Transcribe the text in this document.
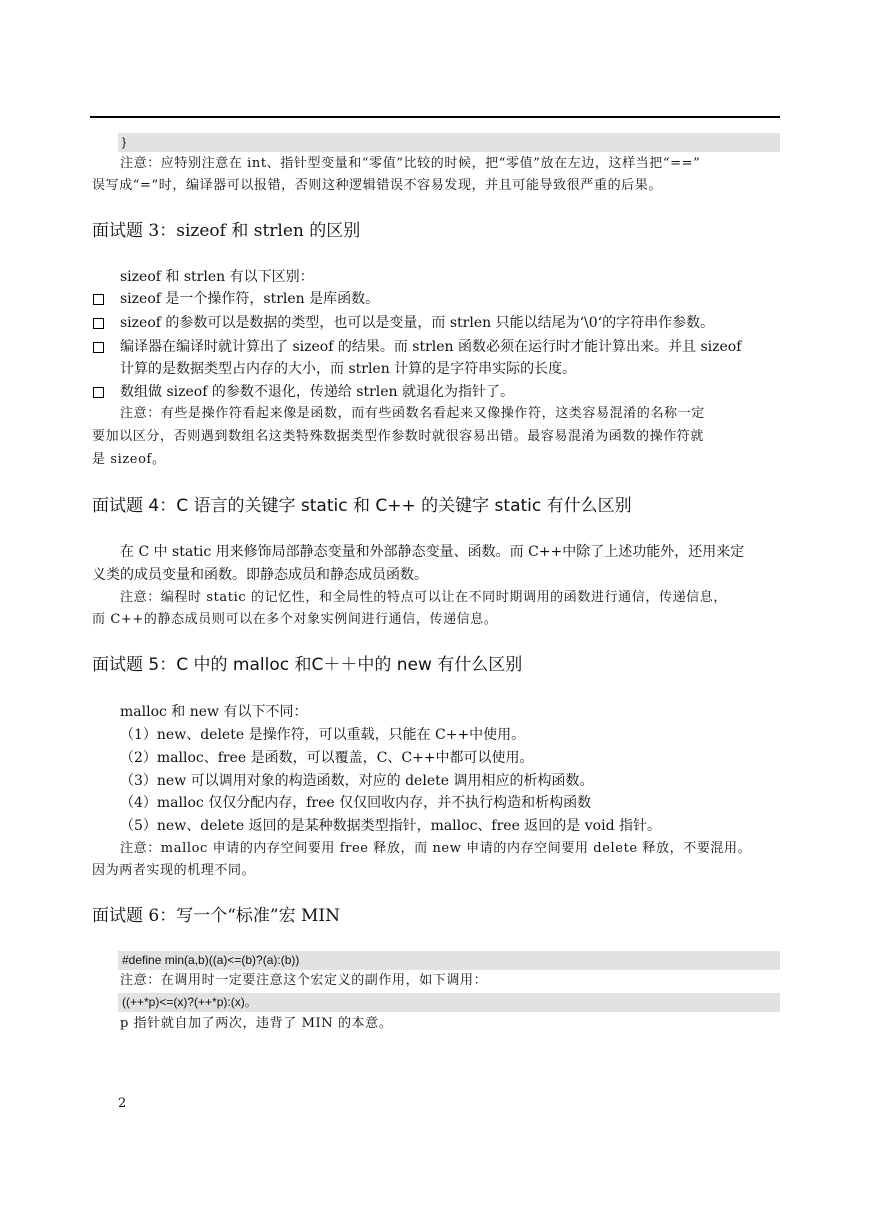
}
注意：应特别注意在 int、指针型变量和“零值”比较的时候，把“零值”放在左边，这样当把“==”
误写成“=”时，编译器可以报错，否则这种逻辑错误不容易发现，并且可能导致很严重的后果。
面试题 3：sizeof 和 strlen 的区别
sizeof 和 strlen 有以下区别：
sizeof 是一个操作符，strlen 是库函数。
sizeof 的参数可以是数据的类型，也可以是变量，而 strlen 只能以结尾为‘\0‘的字符串作参数。
编译器在编译时就计算出了 sizeof 的结果。而 strlen 函数必须在运行时才能计算出来。并且 sizeof
计算的是数据类型占内存的大小，而 strlen 计算的是字符串实际的长度。
数组做 sizeof 的参数不退化，传递给 strlen 就退化为指针了。
注意：有些是操作符看起来像是函数，而有些函数名看起来又像操作符，这类容易混淆的名称一定
要加以区分，否则遇到数组名这类特殊数据类型作参数时就很容易出错。最容易混淆为函数的操作符就
是 sizeof。
面试题 4：C 语言的关键字 static 和 C++ 的关键字 static 有什么区别
在 C 中 static 用来修饰局部静态变量和外部静态变量、函数。而 C++中除了上述功能外，还用来定
义类的成员变量和函数。即静态成员和静态成员函数。
注意：编程时 static 的记忆性，和全局性的特点可以让在不同时期调用的函数进行通信，传递信息，
而 C++的静态成员则可以在多个对象实例间进行通信，传递信息。
面试题 5：C 中的 malloc 和C＋＋中的 new 有什么区别
malloc 和 new 有以下不同：
（1）new、delete 是操作符，可以重载，只能在 C++中使用。
（2）malloc、free 是函数，可以覆盖，C、C++中都可以使用。
（3）new 可以调用对象的构造函数，对应的 delete 调用相应的析构函数。
（4）malloc 仅仅分配内存，free 仅仅回收内存，并不执行构造和析构函数
（5）new、delete 返回的是某种数据类型指针，malloc、free 返回的是 void 指针。
注意：malloc 申请的内存空间要用 free 释放，而 new 申请的内存空间要用 delete 释放，不要混用。
因为两者实现的机理不同。
面试题 6：写一个“标准”宏 MIN
#define min(a,b)((a)<=(b)?(a):(b))
注意：在调用时一定要注意这个宏定义的副作用，如下调用：
((++*p)<=(x)?(++*p):(x)。
p 指针就自加了两次，违背了 MIN 的本意。
2
